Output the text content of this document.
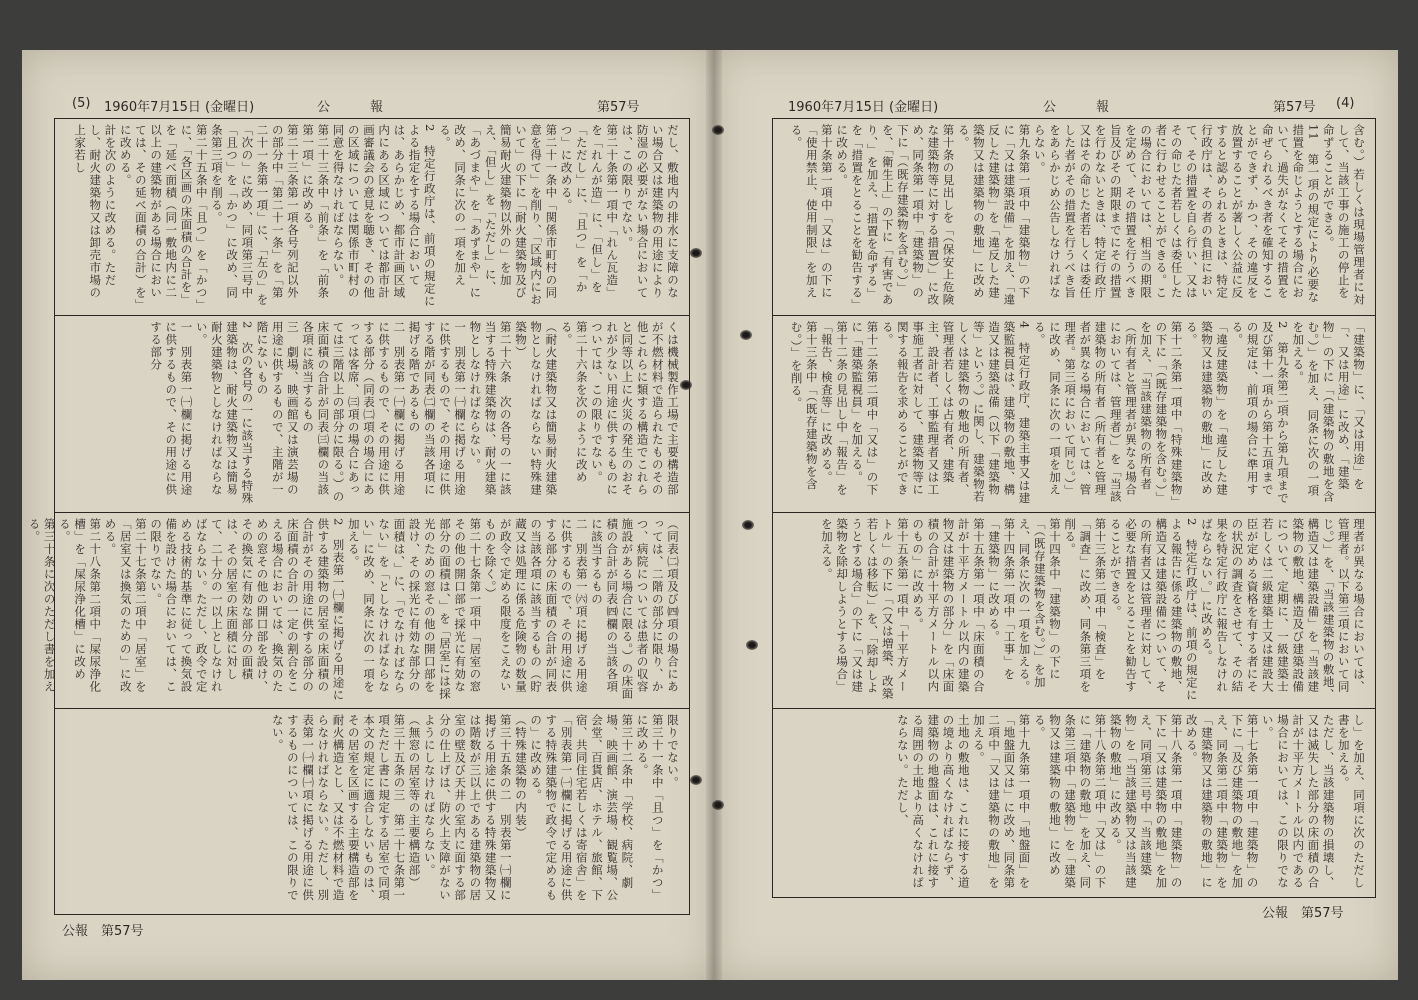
(5) 1960年7月15日 (金曜日)	公報	第57号
だし、敷地内の排水に支障のない場合又は建築物の用途により防湿の必要がない場合においては、この限りでない。
第二十条第一項中「れん瓦造」を「れんが造」に、「但し」を「ただし」に、「且つ」を「かつ」に改める。
第二十一条中「関係市町村の同意を得て」を削り、「区域内において」の下に「耐火建築物及び簡易耐火建築物以外の」を加え、「但し」を「ただし」に、「あづまや」を「あずまや」に改め、同条に次の一項を加える。
2　特定行政庁は、前項の規定による指定をする場合においては、あらかじめ、都市計画区域内にある区域については都市計画審議会の意見を聴き、その他の区域については関係市町村の同意を得なければならない。
第二十三条中「前条」を「前条第一項」に改める。
第二十三条第一項各号列記以外の部分中「第二十一条」を「第二十一条第一項」に、「左の」を「次の」に改め、同項第三号中「且つ」を「かつ」に改め、同条第三項を削る。
第二十五条中「且つ」を「かつ」に、「各区画の床面積の合計を」を「延べ面積（同一敷地内に二以上の建築物がある場合においては、その延べ面積の合計）を」に改める。
計を次のように改める。ただし、耐火建築物又は卸売市場の上家若し
くは機械製作工場で主要構造部が不燃材料で造られたものその他これらに類する構造でこれらと同等以上に火災の発生のおそれが少ない用途に供するものについては、この限りでない。
第二十六条を次のように改める。
（耐火建築物又は簡易耐火建築物としなければならない特殊建築物）
第二十六条　次の各号の一に該当する特殊建築物は、耐火建築物としなければならない。
一　別表第一㈠欄に掲げる用途に供するもので、その用途に供する階が同表㈡欄の当該各項に掲げる階であるもの
二　別表第一㈠欄に掲げる用途に供するもので、その用途に供する部分（同表㈡項の場合にあっては客席、㈢項の場合にあっては三階以上の部分に限る。）の床面積の合計が同表㈢欄の当該各項に該当するもの
三　劇場、映画館又は演芸場の用途に供するもので、主階が一階にないもの
2　次の各号の一に該当する特殊建築物は、耐火建築物又は簡易耐火建築物としなければならない。
一　別表第一㈠欄に掲げる用途に供するもので、その用途に供する部分
（同表㈡項及び㈣項の場合にあっては、二階の部分に限り、かつ、病院については患者の収容施設がある場合に限る。）の床面積の合計が同表㈣欄の当該各項に該当するもの
二　別表第一㈥項に掲げる用途に供するもので、その用途に供する部分の床面積の合計が同表の当該各項に該当するもの（貯蔵又は処理に係る危険物の数量が政令で定める限度をこえないものを除く。）
第二十七条第一項中「居室の窓その他の開口部で採光に有効な部分の面積は、」を「居室には採光のための窓その他の開口部を設け、その採光に有効な部分の面積は、」に、「でなければならない」を「としなければならない」に改め、同条に次の一項を加える。
2　別表第一㈠欄に掲げる用途に供する建築物の居室の床面積の合計がその用途に供する部分の床面積の合計の一定の割合をこえる場合においては、換気のための窓その他の開口部を設け、その換気に有効な部分の面積は、その居室の床面積に対して、二十分の一以上としなければならない。ただし、政令で定める技術的基準に従って換気設備を設けた場合においては、この限りでない。
第二十七条第二項中「居室」を「居室又は換気のための」に改める。
第二十八条第二項中「屎尿浄化槽」を「屎尿浄化槽」に改める。
第三十条に次のただし書を加える。
限りでない。
第三十一条中「且つ」を「かつ」に改める。
第三十二条中「学校、病院、劇場、映画館、演芸場、観覧場、公会堂、百貨店、ホテル、旅館、下宿、共同住宅若しくは寄宿舎」を「別表第一㈠欄に掲げる用途に供する特殊建築物で政令で定めるもの」に改める。
（特殊建築物の内装）
第三十五条の二　別表第一㈠欄に掲げる用途に供する特殊建築物又は階数が三以上である建築物の居室の壁及び天井の室内に面する部分の仕上げは、防火上支障がないようにしなければならない。
（無窓の居室等の主要構造部）
第三十五条の三　第二十七条第一項ただし書に規定する居室で同項本文の規定に適合しないものは、その居室を区画する主要構造部を耐火構造とし、又は不燃材料で造らなければならない。ただし、別表第一㈠欄㈠項に掲げる用途に供するものについては、この限りでない。
公報　第57号
1960年7月15日 (金曜日)	公報	第57号 (4)
含む。）若しくは現場管理者に対して、当該工事の施工の停止を命ずることができる。
11　第一項の規定により必要な措置を命じようとする場合において、過失がなくてその措置を命ぜられるべき者を確知することができず、かつ、その違反を放置することが著しく公益に反すると認められるときは、特定行政庁は、その者の負担において、その措置を自ら行い、又はその命じた者若しくは委任した者に行わせることができる。この場合においては、相当の期限を定めて、その措置を行うべき旨及びその期限までにその措置を行わないときは、特定行政庁又はその命じた者若しくは委任した者がその措置を行うべき旨をあらかじめ公告しなければならない。
第九条第一項中「建築物」の下に「又は建築設備」を加え、「違反した建築物」を「違反した建築物又は建築物の敷地」に改める。
第十条の見出しを「（保安上危険な建築物等に対する措置）」に改め、同条第一項中「建築物」の下に「（既存建築物を含む。）」を、「衛生上」の下に「有害であり、」を加え、「措置を命ずる」を「措置をとることを勧告する」に改める。
第十条第一項中「又は」の下に「使用禁止、使用制限」を加える。
「建築物」に、「又は用途」を「、又は用途」に改め、「建築物」の下に「（建築物の敷地を含む。）」を加え、同条に次の一項を加える。
2　第九条第二項から第九項まで及び第十一項から第十五項までの規定は、前項の場合に準用する。
「違反建築物」を「違反した建築物又は建築物の敷地」に改める。
第十二条第一項中「特殊建築物」の下に「（既存建築物を含む。）」を加え、「当該建築物の所有者（所有者と管理者が異なる場合においては、管理者）」を「当該建築物の所有者（所有者と管理者が異なる場合においては、管理者。第三項において同じ。）」に改め、同条に次の一項を加える。
4　特定行政庁、建築主事又は建築監視員は、建築物の敷地、構造又は建築設備（以下「建築物等」という。）に関し、建築物若しくは建築物の敷地の所有者、管理者若しくは占有者、建築主、設計者、工事監理者又は工事施工者に対して、建築物等に関する報告を求めることができる。
第十二条第二項中「又は」の下に「建築監視員」を加える。
第十二条の見出し中「報告」を「報告、検査等」に改める。
第十三条中「（既存建築物を含む。）」を削る。
理者が異なる場合においては、管理者。以下第三項において同じ。）」を、「当該建築物の敷地、構造又は建築設備」を「当該建築物の敷地、構造及び建築設備について、定期に、一級建築士若しくは二級建築士又は建設大臣が定める資格を有する者にその状況の調査をさせて、その結果を特定行政庁に報告しなければならない。」に改める。
2　特定行政庁は、前項の規定による報告に係る建築物の敷地、構造又は建築設備について、その所有者又は管理者に対して、必要な措置をとることを勧告することができる。
第十三条第二項中「検査」を「調査」に改め、同条第三項を削る。
第十四条中「建築物」の下に「（既存建築物を含む。）」を加え、同条に次の一項を加える。
第十四条第一項中「工事」を「建築物」に改める。
第十五条第一項中「床面積の合計が十平方メートル以内の建築物又は建築物の部分」を「床面積の合計が十平方メートル以内のもの」に改める。
第十五条第一項中「十平方メートル」の下に「（又は増築、改築若しくは移転）」を、「除却しようとする場合」の下に「又は建築物を除却しようとする場合」を加える。
し」を加え、同項に次のただし書を加える。
ただし、当該建築物の損壊し、又は滅失した部分の床面積の合計が十平方メートル以内である場合においては、この限りでない。
第十七条第一項中「建築物」の下に「及び建築物の敷地」を加え、同条第二項中「建築物」を「建築物又は建築物の敷地」に改める。
第十八条第一項中「建築物」の下に「又は建築物の敷地」を加え、同項第三号中「当該建築物」を「当該建築物又は当該建築物の敷地」に改める。
第十八条第二項中「又は」の下に「建築物の敷地」を加え、同条第三項中「建築物」を「建築物又は建築物の敷地」に改める。
第十九条第一項中「地盤面」を「地盤面又は」に改め、同条第二項中「又は建築物の敷地」を加える。
土地の敷地は、これに接する道の境より高くなければならず、建築物の地盤面は、これに接する周囲の土地より高くなければならない。ただし、
公報　第57号
